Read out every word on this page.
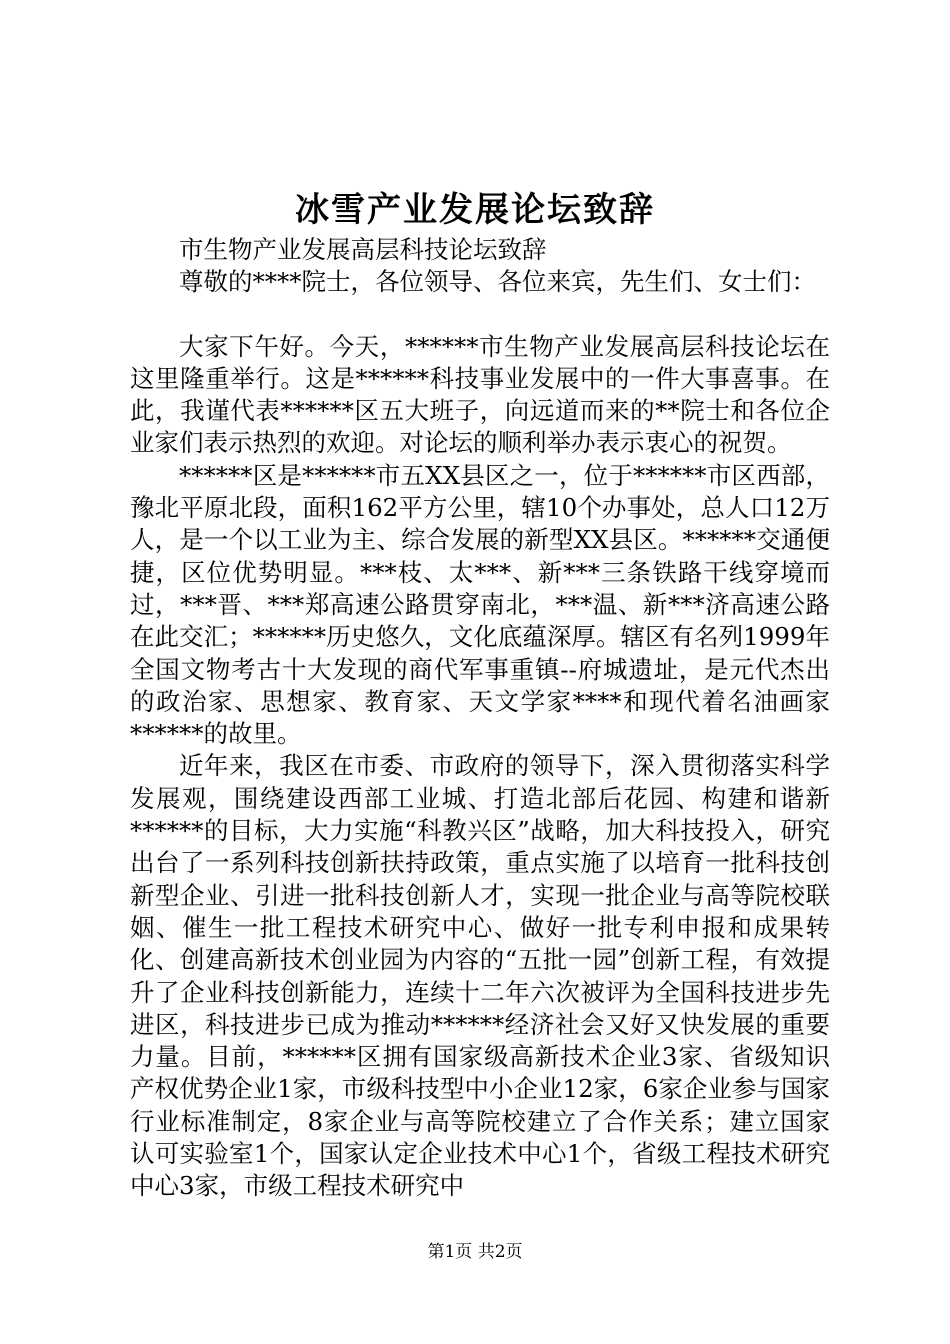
冰雪产业发展论坛致辞

市生物产业发展高层科技论坛致辞

尊敬的****院士，各位领导、各位来宾，先生们、女士们：

大家下午好。今天，******市生物产业发展高层科技论坛在这里隆重举行。这是******科技事业发展中的一件大事喜事。在此，我谨代表******区五大班子，向远道而来的**院士和各位企业家们表示热烈的欢迎。对论坛的顺利举办表示衷心的祝贺。

******区是******市五XX县区之一，位于******市区西部，豫北平原北段，面积162平方公里，辖10个办事处，总人口12万人，是一个以工业为主、综合发展的新型XX县区。******交通便捷，区位优势明显。***枝、太***、新***三条铁路干线穿境而过，***晋、***郑高速公路贯穿南北，***温、新***济高速公路在此交汇；******历史悠久，文化底蕴深厚。辖区有名列1999年全国文物考古十大发现的商代军事重镇--府城遗址，是元代杰出的政治家、思想家、教育家、天文学家****和现代着名油画家******的故里。

近年来，我区在市委、市政府的领导下，深入贯彻落实科学发展观，围绕建设西部工业城、打造北部后花园、构建和谐新******的目标，大力实施“科教兴区”战略，加大科技投入，研究出台了一系列科技创新扶持政策，重点实施了以培育一批科技创新型企业、引进一批科技创新人才，实现一批企业与高等院校联姻、催生一批工程技术研究中心、做好一批专利申报和成果转化、创建高新技术创业园为内容的“五批一园”创新工程，有效提升了企业科技创新能力，连续十二年六次被评为全国科技进步先进区，科技进步已成为推动******经济社会又好又快发展的重要力量。目前，******区拥有国家级高新技术企业3家、省级知识产权优势企业1家，市级科技型中小企业12家，6家企业参与国家行业标准制定，8家企业与高等院校建立了合作关系；建立国家认可实验室1个，国家认定企业技术中心1个，省级工程技术研究中心3家，市级工程技术研究中

第1页 共2页
